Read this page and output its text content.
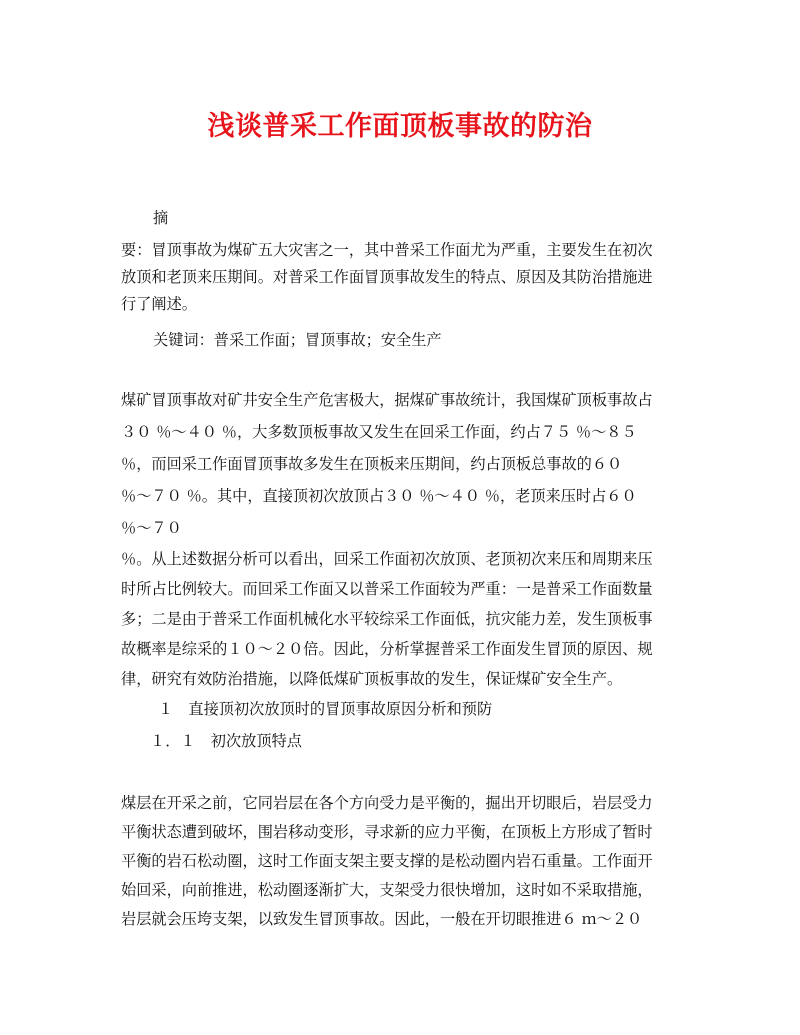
浅谈普采工作面顶板事故的防治
摘
要：冒顶事故为煤矿五大灾害之一，其中普采工作面尤为严重，主要发生在初次
放顶和老顶来压期间。对普采工作面冒顶事故发生的特点、原因及其防治措施进
行了阐述。
关键词：普采工作面；冒顶事故；安全生产
煤矿冒顶事故对矿井安全生产危害极大，据煤矿事故统计，我国煤矿顶板事故占
３０ ％～４０ ％，大多数顶板事故又发生在回采工作面，约占７５ ％～８５
％，而回采工作面冒顶事故多发生在顶板来压期间，约占顶板总事故的６０
％～７０ ％。其中，直接顶初次放顶占３０ ％～４０ ％，老顶来压时占６０
％～７０
％。从上述数据分析可以看出，回采工作面初次放顶、老顶初次来压和周期来压
时所占比例较大。而回采工作面又以普采工作面较为严重：一是普采工作面数量
多；二是由于普采工作面机械化水平较综采工作面低，抗灾能力差，发生顶板事
故概率是综采的１０～２０倍。因此，分析掌握普采工作面发生冒顶的原因、规
律，研究有效防治措施，以降低煤矿顶板事故的发生，保证煤矿安全生产。
１　直接顶初次放顶时的冒顶事故原因分析和预防
１．１　初次放顶特点
煤层在开采之前，它同岩层在各个方向受力是平衡的，掘出开切眼后，岩层受力
平衡状态遭到破坏，围岩移动变形，寻求新的应力平衡，在顶板上方形成了暂时
平衡的岩石松动圈，这时工作面支架主要支撑的是松动圈内岩石重量。工作面开
始回采，向前推进，松动圈逐渐扩大，支架受力很快增加，这时如不采取措施，
岩层就会压垮支架，以致发生冒顶事故。因此，一般在开切眼推进６ ｍ～２０
